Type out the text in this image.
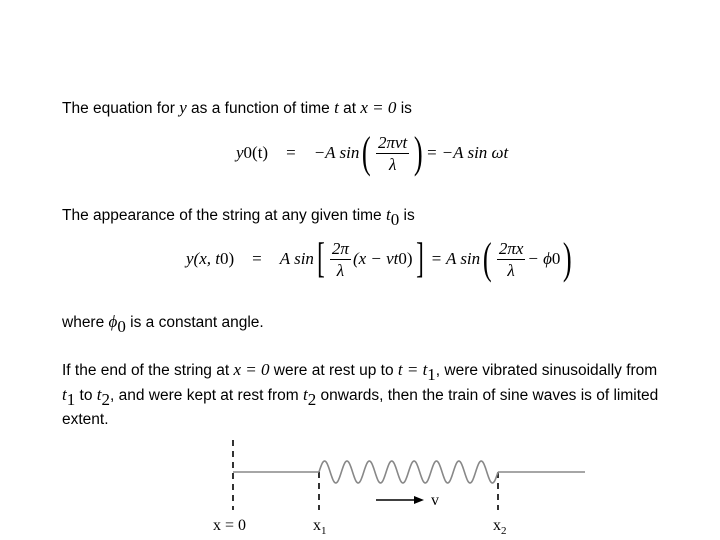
The equation for y as a function of time t at x = 0 is

y 0 (t) = −A sin ( $\frac{\text{2πvt}}{\lambda}$ ) = −A sin ωt

The appearance of the string at any given time $t_0$ is

y(x, t 0 ) = A sin [ $\frac{2\pi}{\lambda} (x$ − vt 0 ) ] = A sin ( $\frac{2\pi x}{\lambda} - \phi$ 0 )

where $\phi_0$ is a constant angle.

If the end of the string at x = 0 were at rest up to $t = t_1$, were vibrated sinusoidally from $t_1$ to $t_2$, and were kept at rest from $t_2$ onwards, then the train of sine waves is of limited extent.

v
x = 0	$x_1$	$x_2$
